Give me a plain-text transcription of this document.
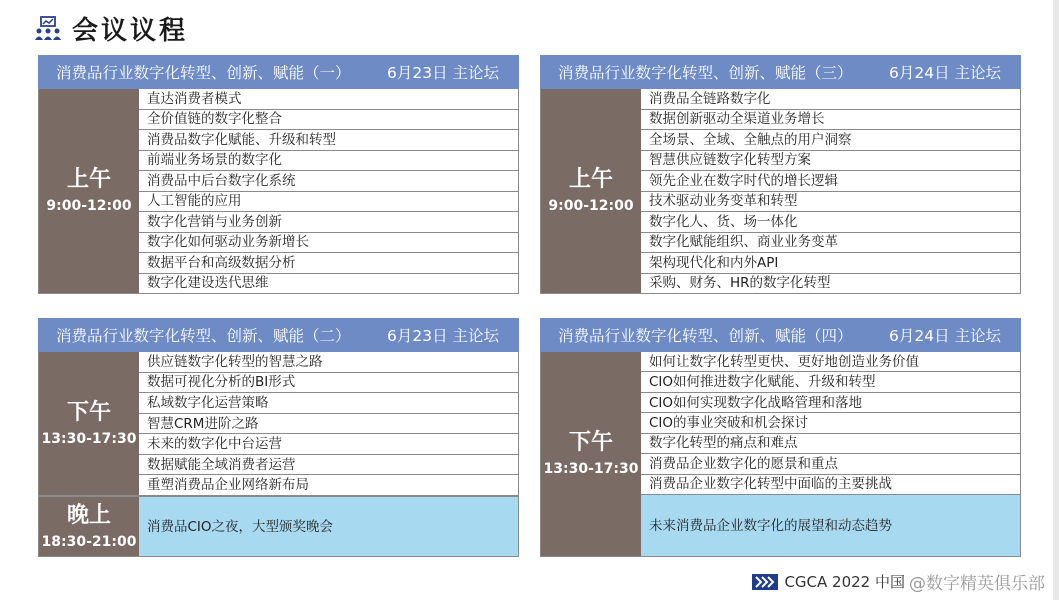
会议议程
消费品行业数字化转型、创新、赋能（一） 6月23日 主论坛
上午
9:00-12:00
直达消费者模式
全价值链的数字化整合
消费品数字化赋能、升级和转型
前端业务场景的数字化
消费品中后台数字化系统
人工智能的应用
数字化营销与业务创新
数字化如何驱动业务新增长
数据平台和高级数据分析
数字化建设迭代思维
消费品行业数字化转型、创新、赋能（三） 6月24日 主论坛
上午
9:00-12:00
消费品全链路数字化
数据创新驱动全渠道业务增长
全场景、全域、全触点的用户洞察
智慧供应链数字化转型方案
领先企业在数字时代的增长逻辑
技术驱动业务变革和转型
数字化人、货、场一体化
数字化赋能组织、商业业务变革
架构现代化和内外API
采购、财务、HR的数字化转型
消费品行业数字化转型、创新、赋能（二） 6月23日 主论坛
下午
13:30-17:30
供应链数字化转型的智慧之路
数据可视化分析的BI形式
私域数字化运营策略
智慧CRM进阶之路
未来的数字化中台运营
数据赋能全域消费者运营
重塑消费品企业网络新布局
晚上
18:30-21:00
消费品CIO之夜，大型颁奖晚会
消费品行业数字化转型、创新、赋能（四） 6月24日 主论坛
下午
13:30-17:30
如何让数字化转型更快、更好地创造业务价值
CIO如何推进数字化赋能、升级和转型
CIO如何实现数字化战略管理和落地
CIO的事业突破和机会探讨
数字化转型的痛点和难点
消费品企业数字化的愿景和重点
消费品企业数字化转型中面临的主要挑战
未来消费品企业数字化的展望和动态趋势
CGCA 2022 中国 @数字精英俱乐部
